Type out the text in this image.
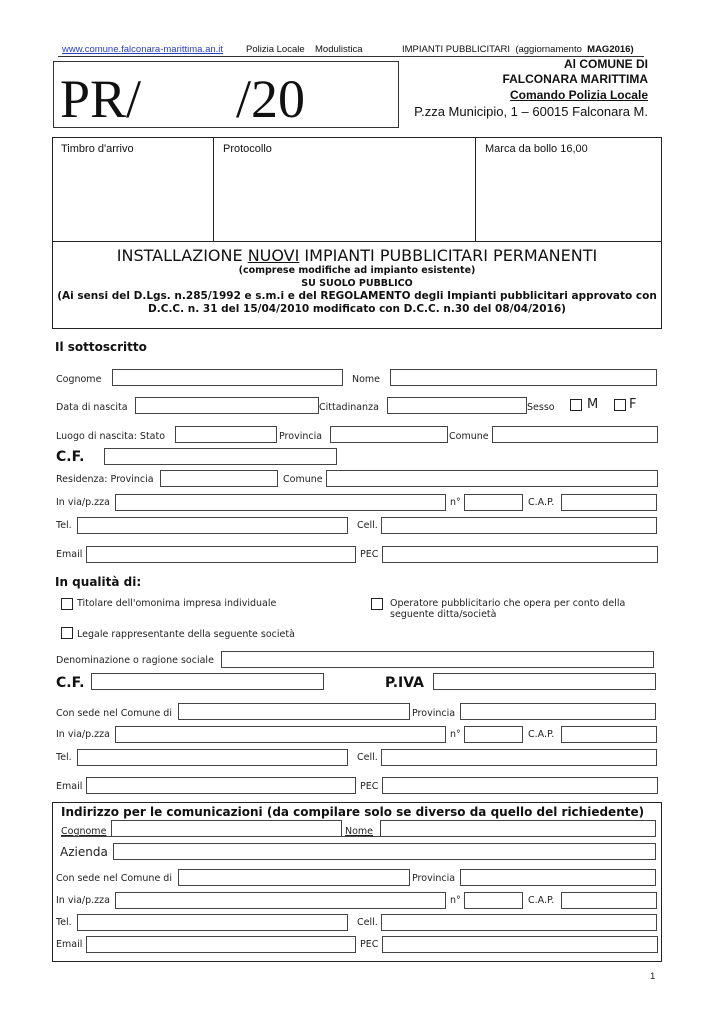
www.comune.falconara-marittima.an.it Polizia Locale Modulistica	IMPIANTI PUBBLICITARI (aggiornamento MAG2016)
PR/ /20
Al COMUNE DI
FALCONARA MARITTIMA
Comando Polizia Locale
P.zza Municipio, 1 – 60015 Falconara M.
Timbro d'arrivo	Protocollo	Marca da bollo 16,00
INSTALLAZIONE NUOVI IMPIANTI PUBBLICITARI PERMANENTI
(comprese modifiche ad impianto esistente)
SU SUOLO PUBBLICO
(Ai sensi del D.Lgs. n.285/1992 e s.m.i e del REGOLAMENTO degli Impianti pubblicitari approvato con
D.C.C. n. 31 del 15/04/2010 modificato con D.C.C. n.30 del 08/04/2016)
Il sottoscritto
Cognome	Nome
Data di nascita	Cittadinanza	Sesso M F
Luogo di nascita: Stato	Provincia	Comune
C.F.
Residenza: Provincia	Comune
In via/p.zza	n°	C.A.P.
Tel.	Cell.
Email	PEC
In qualità di:
Titolare dell'omonima impresa individuale	Operatore pubblicitario che opera per conto della
seguente ditta/società
Legale rappresentante della seguente società
Denominazione o ragione sociale
C.F.	P.IVA
Con sede nel Comune di	Provincia
In via/p.zza	n°	C.A.P.
Tel.	Cell.
Email	PEC
Indirizzo per le comunicazioni (da compilare solo se diverso da quello del richiedente)
Cognome	Nome
Azienda
Con sede nel Comune di	Provincia
In via/p.zza	n°	C.A.P.
Tel.	Cell.
Email	PEC
1
